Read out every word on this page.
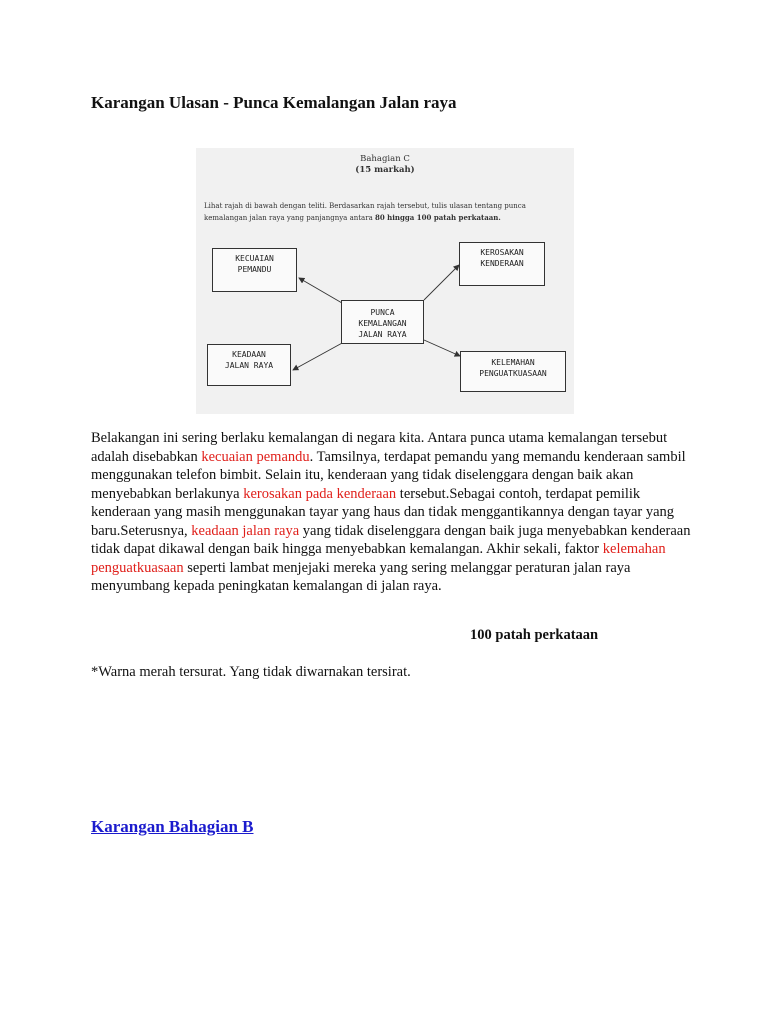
Karangan Ulasan - Punca Kemalangan Jalan raya
Bahagian C
(15 markah)
Lihat rajah di bawah dengan teliti. Berdasarkan rajah tersebut, tulis ulasan tentang punca
kemalangan jalan raya yang panjangnya antara 80 hingga 100 patah perkataan.
KECUAIAN
PEMANDU
KEROSAKAN
KENDERAAN
PUNCA
KEMALANGAN
JALAN RAYA
KEADAAN
JALAN RAYA	KELEMAHAN
PENGUATKUASAAN

Belakangan ini sering berlaku kemalangan di negara kita. Antara punca utama kemalangan tersebut adalah disebabkan kecuaian pemandu. Tamsilnya, terdapat pemandu yang memandu kenderaan sambil menggunakan telefon bimbit. Selain itu, kenderaan yang tidak diselenggara dengan baik akan menyebabkan berlakunya kerosakan pada kenderaan tersebut.Sebagai contoh, terdapat pemilik kenderaan yang masih menggunakan tayar yang haus dan tidak menggantikannya dengan tayar yang baru.Seterusnya, keadaan jalan raya yang tidak diselenggara dengan baik juga menyebabkan kenderaan tidak dapat dikawal dengan baik hingga menyebabkan kemalangan. Akhir sekali, faktor kelemahan penguatkuasaan seperti lambat menjejaki mereka yang sering melanggar peraturan jalan raya menyumbang kepada peningkatan kemalangan di jalan raya.

100 patah perkataan

*Warna merah tersurat. Yang tidak diwarnakan tersirat.

Karangan Bahagian B
